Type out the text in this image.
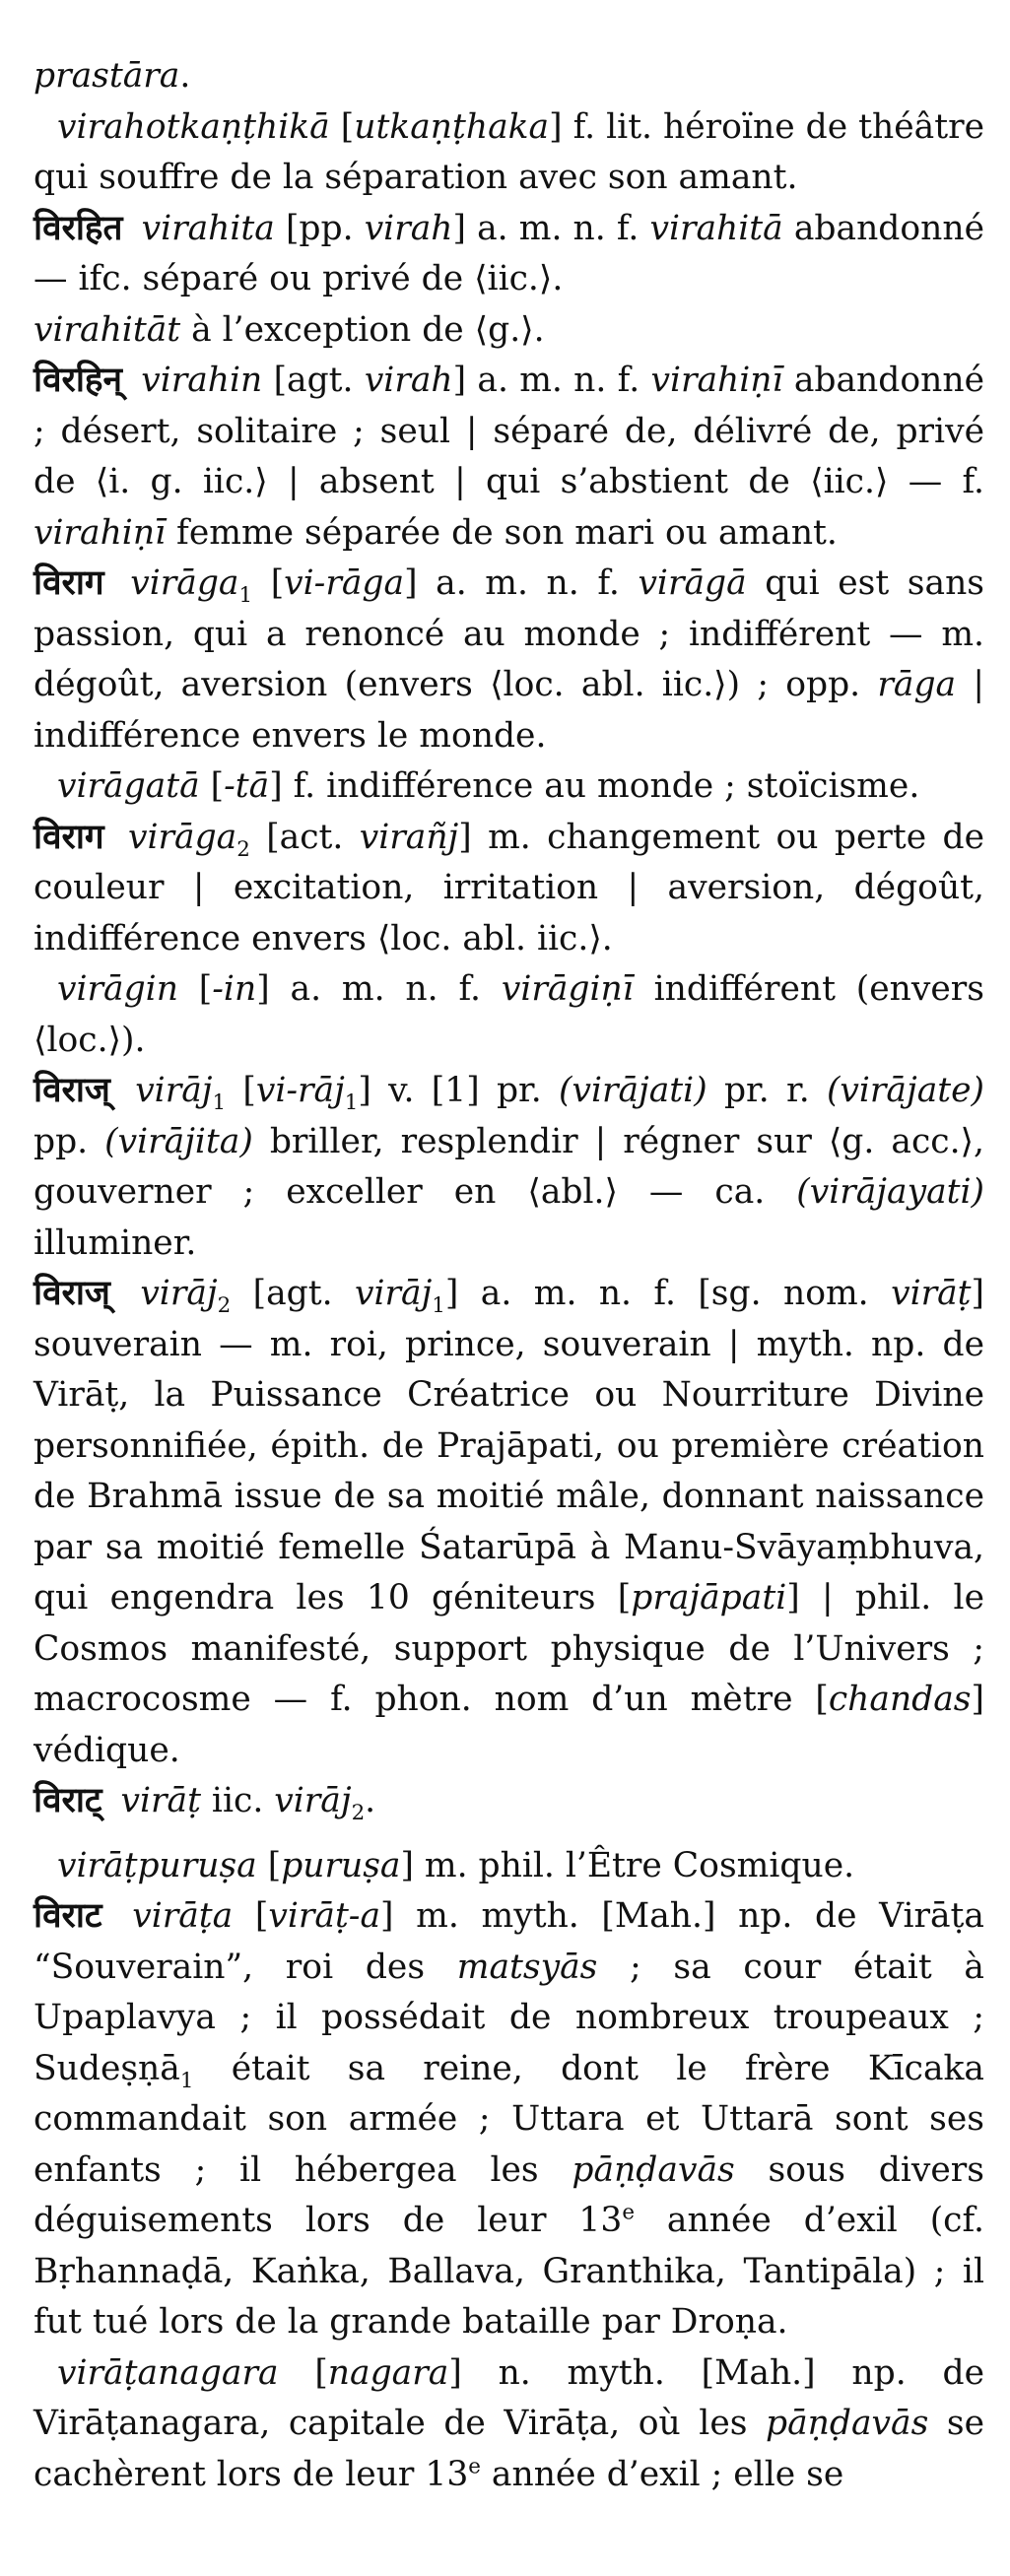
prastāra.

virahotkaṇṭhikā [utkaṇṭhaka] f. lit. héroïne de théâtre qui souffre de la séparation avec son amant.

विरहित virahita [pp. virah] a. m. n. f. virahitā abandonné — ifc. séparé ou privé de ⟨iic.⟩.

virahitāt à l’exception de ⟨g.⟩.

विरहिन् virahin [agt. virah] a. m. n. f. virahiṇī abandonné ; désert, solitaire ; seul | séparé de, délivré de, privé de ⟨i. g. iic.⟩ | absent | qui s’abstient de ⟨iic.⟩ — f. virahiṇī femme séparée de son mari ou amant.

विराग virāga$_1$ [vi-rāga] a. m. n. f. virāgā qui est sans passion, qui a renoncé au monde ; indifférent — m. dégoût, aversion (envers ⟨loc. abl. iic.⟩) ; opp. rāga | indifférence envers le monde.

virāgatā [-tā] f. indifférence au monde ; stoïcisme.

विराग virāga$_2$ [act. virañj] m. changement ou perte de couleur | excitation, irritation | aversion, dégoût, indifférence envers ⟨loc. abl. iic.⟩.

virāgin [-in] a. m. n. f. virāgiṇī indifférent (envers ⟨loc.⟩).

विराज् virāj$_1$ [vi-rāj$_1$] v. [1] pr. (virājati) pr. r. (virājate) pp. (virājita) briller, resplendir | régner sur ⟨g. acc.⟩, gouverner ; exceller en ⟨abl.⟩ — ca. (virājayati) illuminer.

विराज् virāj$_2$ [agt. virāj$_1$] a. m. n. f. [sg. nom. virāṭ] souverain — m. roi, prince, souverain | myth. np. de Virāṭ, la Puissance Créatrice ou Nourriture Divine personnifiée, épith. de Prajāpati, ou première création de Brahmā issue de sa moitié mâle, donnant naissance par sa moitié femelle Śatarūpā à Manu-Svāyaṃbhuva, qui engendra les 10 géniteurs [prajāpati] | phil. le Cosmos manifesté, support physique de l’Univers ; macrocosme — f. phon. nom d’un mètre [chandas] védique.

विराट् virāṭ iic. virāj$_2$.

virāṭpuruṣa [puruṣa] m. phil. l’Être Cosmique.

विराट virāṭa [virāṭ-a] m. myth. [Mah.] np. de Virāṭa “Souverain”, roi des matsyās ; sa cour était à Upaplavya ; il possédait de nombreux troupeaux ; Sudeṣṇā$_1$ était sa reine, dont le frère Kīcaka commandait son armée ; Uttara et Uttarā sont ses enfants ; il hébergea les pāṇḍavās sous divers déguisements lors de leur 13e année d’exil (cf. Bṛhannaḍā, Kaṅka, Ballava, Granthika, Tantipāla) ; il fut tué lors de la grande bataille par Droṇa.

virāṭanagara [nagara] n. myth. [Mah.] np. de Virāṭanagara, capitale de Virāṭa, où les pāṇḍavās se cachèrent lors de leur 13e année d’exil ; elle se
